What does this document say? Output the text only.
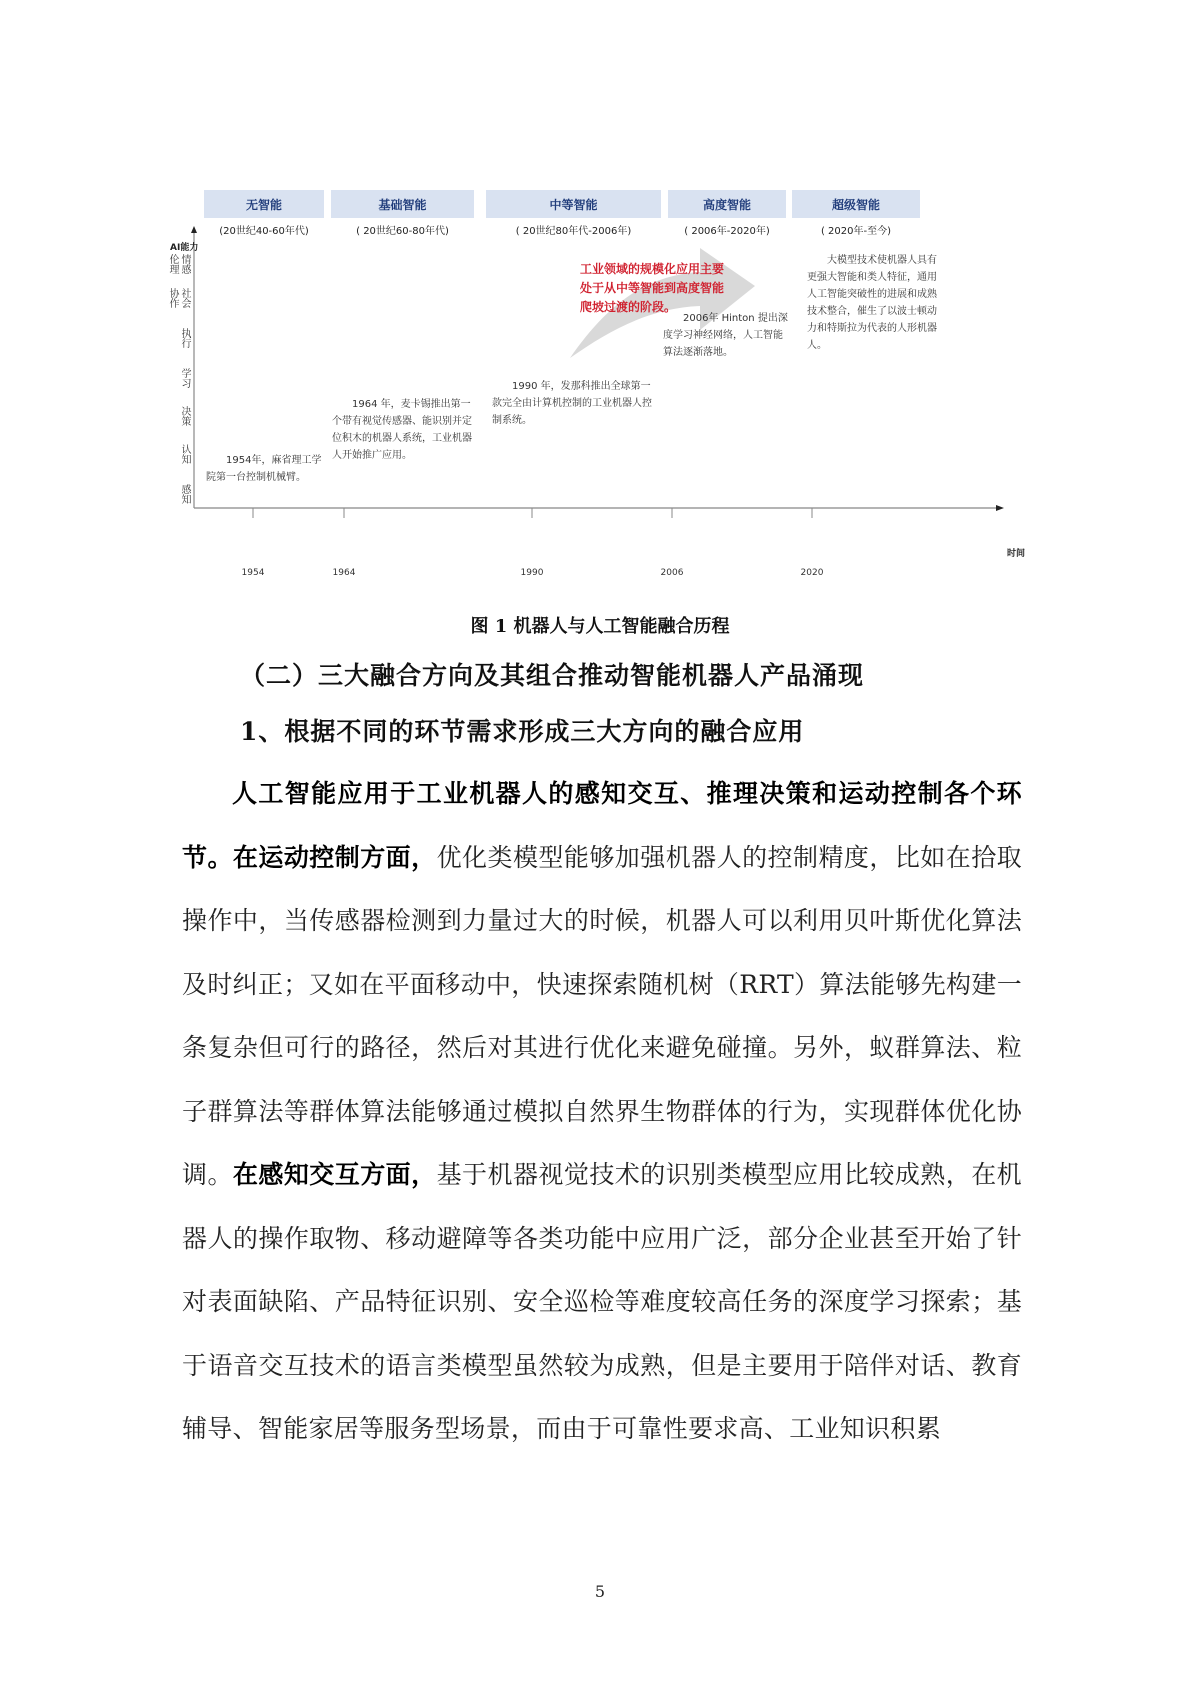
无智能	基础智能	中等智能	高度智能	超级智能
(20世纪40-60年代)	( 20世纪60-80年代)	( 20世纪80年代-2006年)	( 2006年-2020年)	( 2020年-至今)
AI能力
情感
伦理
社会
协作
执行
学习
决策
认知
感知
工业领域的规模化应用主要处于从中等智能到高度智能爬坡过渡的阶段。
1954年，麻省理工学院第一台控制机械臂。
1964 年，麦卡锡推出第一个带有视觉传感器、能识别并定位积木的机器人系统，工业机器人开始推广应用。
1990 年，发那科推出全球第一款完全由计算机控制的工业机器人控制系统。
2006年 Hinton 提出深度学习神经网络，人工智能算法逐渐落地。
大模型技术使机器人具有更强大智能和类人特征，通用人工智能突破性的进展和成熟技术整合，催生了以波士顿动力和特斯拉为代表的人形机器人。
1954	1964	1990	2006	2020
时间
图 1 机器人与人工智能融合历程
（二）三大融合方向及其组合推动智能机器人产品涌现
1、根据不同的环节需求形成三大方向的融合应用
人工智能应用于工业机器人的感知交互、推理决策和运动控制各个环节。在运动控制方面，优化类模型能够加强机器人的控制精度，比如在拾取操作中，当传感器检测到力量过大的时候，机器人可以利用贝叶斯优化算法及时纠正；又如在平面移动中，快速探索随机树（RRT）算法能够先构建一条复杂但可行的路径，然后对其进行优化来避免碰撞。另外，蚁群算法、粒子群算法等群体算法能够通过模拟自然界生物群体的行为，实现群体优化协调。在感知交互方面，基于机器视觉技术的识别类模型应用比较成熟，在机器人的操作取物、移动避障等各类功能中应用广泛，部分企业甚至开始了针对表面缺陷、产品特征识别、安全巡检等难度较高任务的深度学习探索；基于语音交互技术的语言类模型虽然较为成熟，但是主要用于陪伴对话、教育辅导、智能家居等服务型场景，而由于可靠性要求高、工业知识积累
5
